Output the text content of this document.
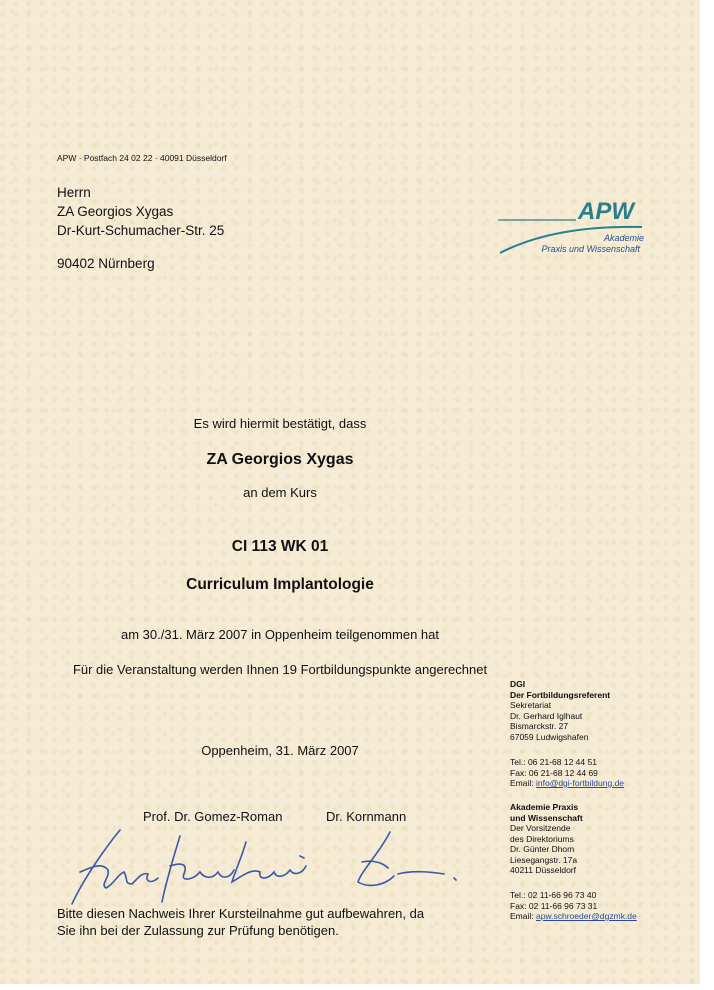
APW · Postfach 24 02 22 · 40091 Düsseldorf
Herrn
ZA Georgios Xygas
Dr-Kurt-Schumacher-Str. 25
90402 Nürnberg
APW
Akademie
Praxis und Wissenschaft
Es wird hiermit bestätigt, dass
ZA Georgios Xygas
an dem Kurs
CI 113 WK 01
Curriculum Implantologie
am 30./31. März 2007 in Oppenheim teilgenommen hat
Für die Veranstaltung werden Ihnen 19 Fortbildungspunkte angerechnet
Oppenheim, 31. März 2007
Prof. Dr. Gomez-Roman	Dr. Kornmann
Bitte diesen Nachweis Ihrer Kursteilnahme gut aufbewahren, da
Sie ihn bei der Zulassung zur Prüfung benötigen.
DGI
Der Fortbildungsreferent
Sekretariat
Dr. Gerhard Iglhaut
Bismarckstr. 27
67059 Ludwigshafen
Tel.: 06 21-68 12 44 51
Fax: 06 21-68 12 44 69
Email: info@dgi-fortbildung.de
Akademie Praxis
und Wissenschaft
Der Vorsitzende
des Direktoriums
Dr. Günter Dhom
Liesegangstr. 17a
40211 Düsseldorf
Tel.: 02 11-66 96 73 40
Fax: 02 11-66 96 73 31
Email: apw.schroeder@dgzmk.de
